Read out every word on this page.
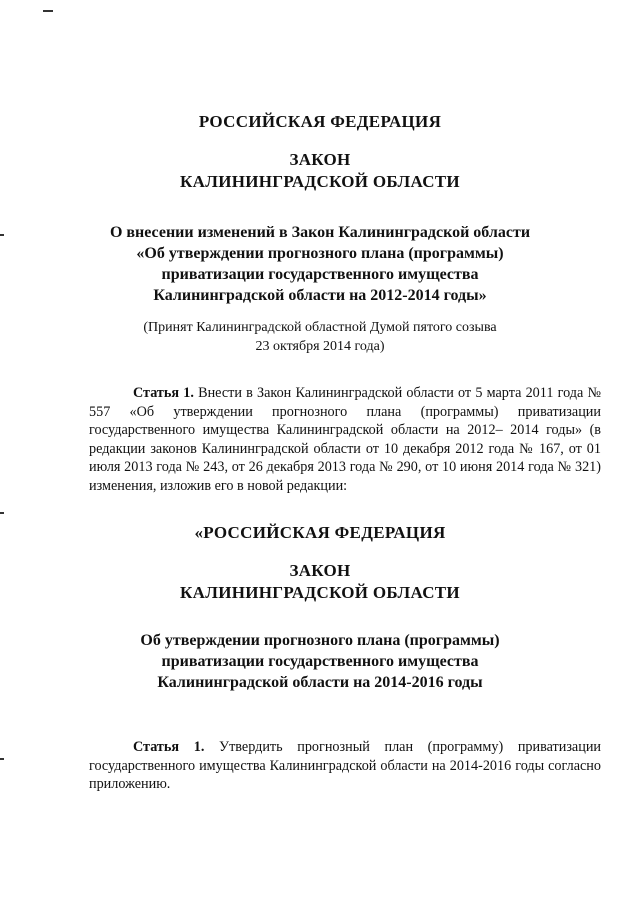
РОССИЙСКАЯ ФЕДЕРАЦИЯ
ЗАКОН
КАЛИНИНГРАДСКОЙ ОБЛАСТИ
О внесении изменений в Закон Калининградской области
«Об утверждении прогнозного плана (программы)
приватизации государственного имущества
Калининградской области на 2012-2014 годы»
(Принят Калининградской областной Думой пятого созыва
23 октября 2014 года)
Статья 1. Внести в Закон Калининградской области от 5 марта 2011 года № 557 «Об утверждении прогнозного плана (программы) приватизации государственного имущества Калининградской области на 2012– 2014 годы» (в редакции законов Калининградской области от 10 декабря 2012 года № 167, от 01 июля 2013 года № 243, от 26 декабря 2013 года № 290, от 10 июня 2014 года № 321) изменения, изложив его в новой редакции:
«РОССИЙСКАЯ ФЕДЕРАЦИЯ
ЗАКОН
КАЛИНИНГРАДСКОЙ ОБЛАСТИ
Об утверждении прогнозного плана (программы)
приватизации государственного имущества
Калининградской области на 2014-2016 годы
Статья 1. Утвердить прогнозный план (программу) приватизации государственного имущества Калининградской области на 2014-2016 годы согласно приложению.
